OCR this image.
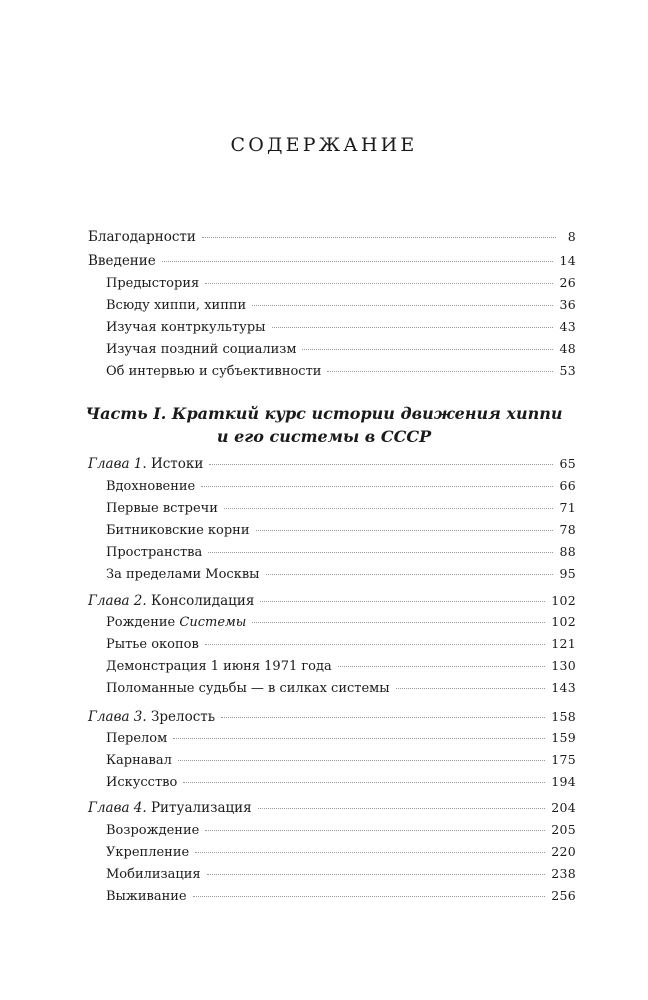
СОДЕРЖАНИЕ
Благодарности	8
Введение	14
Предыстория	26
Всюду хиппи, хиппи	36
Изучая контркультуры	43
Изучая поздний социализм	48
Об интервью и субъективности	53
Часть I. Краткий курс истории движения хиппи
и его системы в СССР
Глава 1. Истоки	65
Вдохновение	66
Первые встречи	71
Битниковские корни	78
Пространства	88
За пределами Москвы	95
Глава 2. Консолидация	102
Рождение Системы	102
Рытье окопов	121
Демонстрация 1 июня 1971 года	130
Поломанные судьбы — в силках системы	143
Глава 3. Зрелость	158
Перелом	159
Карнавал	175
Искусство	194
Глава 4. Ритуализация	204
Возрождение	205
Укрепление	220
Мобилизация	238
Выживание	256
